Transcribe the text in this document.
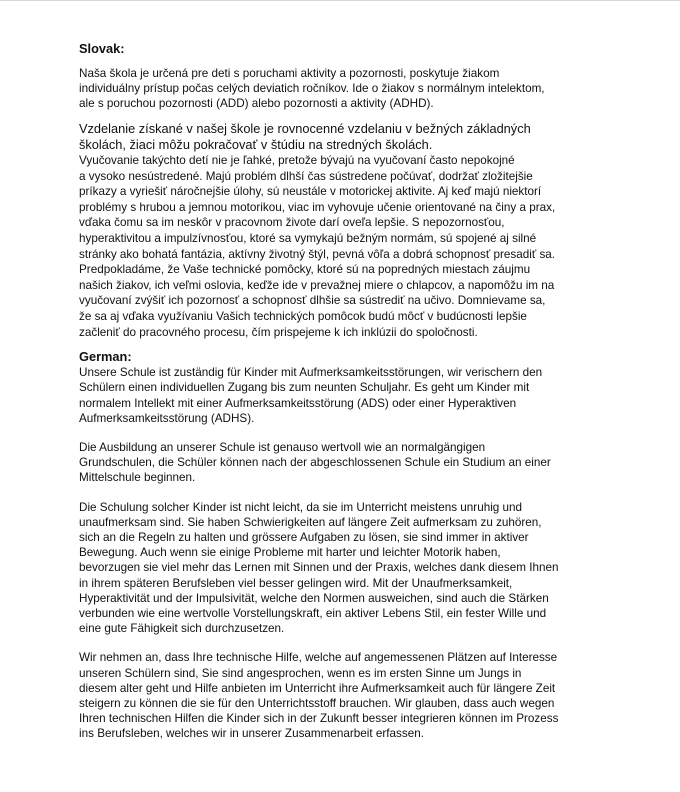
Slovak:
Naša škola je určená pre deti s poruchami aktivity a pozornosti, poskytuje žiakom
individuálny prístup počas celých deviatich ročníkov. Ide o žiakov s normálnym intelektom,
ale s poruchou pozornosti (ADD) alebo pozornosti a aktivity (ADHD).
Vzdelanie získané v našej škole je rovnocenné vzdelaniu v bežných základných
školách, žiaci môžu pokračovať v štúdiu na stredných školách.
Vyučovanie takýchto detí nie je ľahké, pretože bývajú na vyučovaní často nepokojné
a vysoko nesústredené. Majú problém dlhší čas sústredene počúvať, dodržať zložitejšie
príkazy a vyriešiť náročnejšie úlohy, sú neustále v motorickej aktivite. Aj keď majú niektorí
problémy s hrubou a jemnou motorikou, viac im vyhovuje učenie orientované na činy a prax,
vďaka čomu sa im neskôr v pracovnom živote darí oveľa lepšie. S nepozornosťou,
hyperaktivitou a impulzívnosťou, ktoré sa vymykajú bežným normám, sú spojené aj silné
stránky ako bohatá fantázia, aktívny životný štýl, pevná vôľa a dobrá schopnosť presadiť sa.
Predpokladáme, že Vaše technické pomôcky, ktoré sú na popredných miestach záujmu
našich žiakov, ich veľmi oslovia, keďže ide v prevažnej miere o chlapcov, a napomôžu im na
vyučovaní zvýšiť ich pozornosť a schopnosť dlhšie sa sústrediť na učivo. Domnievame sa,
že sa aj vďaka využívaniu Vašich technických pomôcok budú môcť v budúcnosti lepšie
začleniť do pracovného procesu, čím prispejeme k ich inklúzii do spoločnosti.
German:
Unsere Schule ist zuständig für Kinder mit Aufmerksamkeitsstörungen, wir verischern den
Schülern einen individuellen Zugang bis zum neunten Schuljahr. Es geht um Kinder mit
normalem Intellekt mit einer Aufmerksamkeitsstörung (ADS) oder einer Hyperaktiven
Aufmerksamkeitsstörung (ADHS).
Die Ausbildung an unserer Schule ist genauso wertvoll wie an normalgängigen
Grundschulen, die Schüler können nach der abgeschlossenen Schule ein Studium an einer
Mittelschule beginnen.
Die Schulung solcher Kinder ist nicht leicht, da sie im Unterricht meistens unruhig und
unaufmerksam sind. Sie haben Schwierigkeiten auf längere Zeit aufmerksam zu zuhören,
sich an die Regeln zu halten und grössere Aufgaben zu lösen, sie sind immer in aktiver
Bewegung. Auch wenn sie einige Probleme mit harter und leichter Motorik haben,
bevorzugen sie viel mehr das Lernen mit Sinnen und der Praxis, welches dank diesem Ihnen
in ihrem späteren Berufsleben viel besser gelingen wird. Mit der Unaufmerksamkeit,
Hyperaktivität und der Impulsivität, welche den Normen ausweichen, sind auch die Stärken
verbunden wie eine wertvolle Vorstellungskraft, ein aktiver Lebens Stil, ein fester Wille und
eine gute Fähigkeit sich durchzusetzen.
Wir nehmen an, dass Ihre technische Hilfe, welche auf angemessenen Plätzen auf Interesse
unseren Schülern sind, Sie sind angesprochen, wenn es im ersten Sinne um Jungs in
diesem alter geht und Hilfe anbieten im Unterricht ihre Aufmerksamkeit auch für längere Zeit
steigern zu können die sie für den Unterrichtsstoff brauchen. Wir glauben, dass auch wegen
Ihren technischen Hilfen die Kinder sich in der Zukunft besser integrieren können im Prozess
ins Berufsleben, welches wir in unserer Zusammenarbeit erfassen.
